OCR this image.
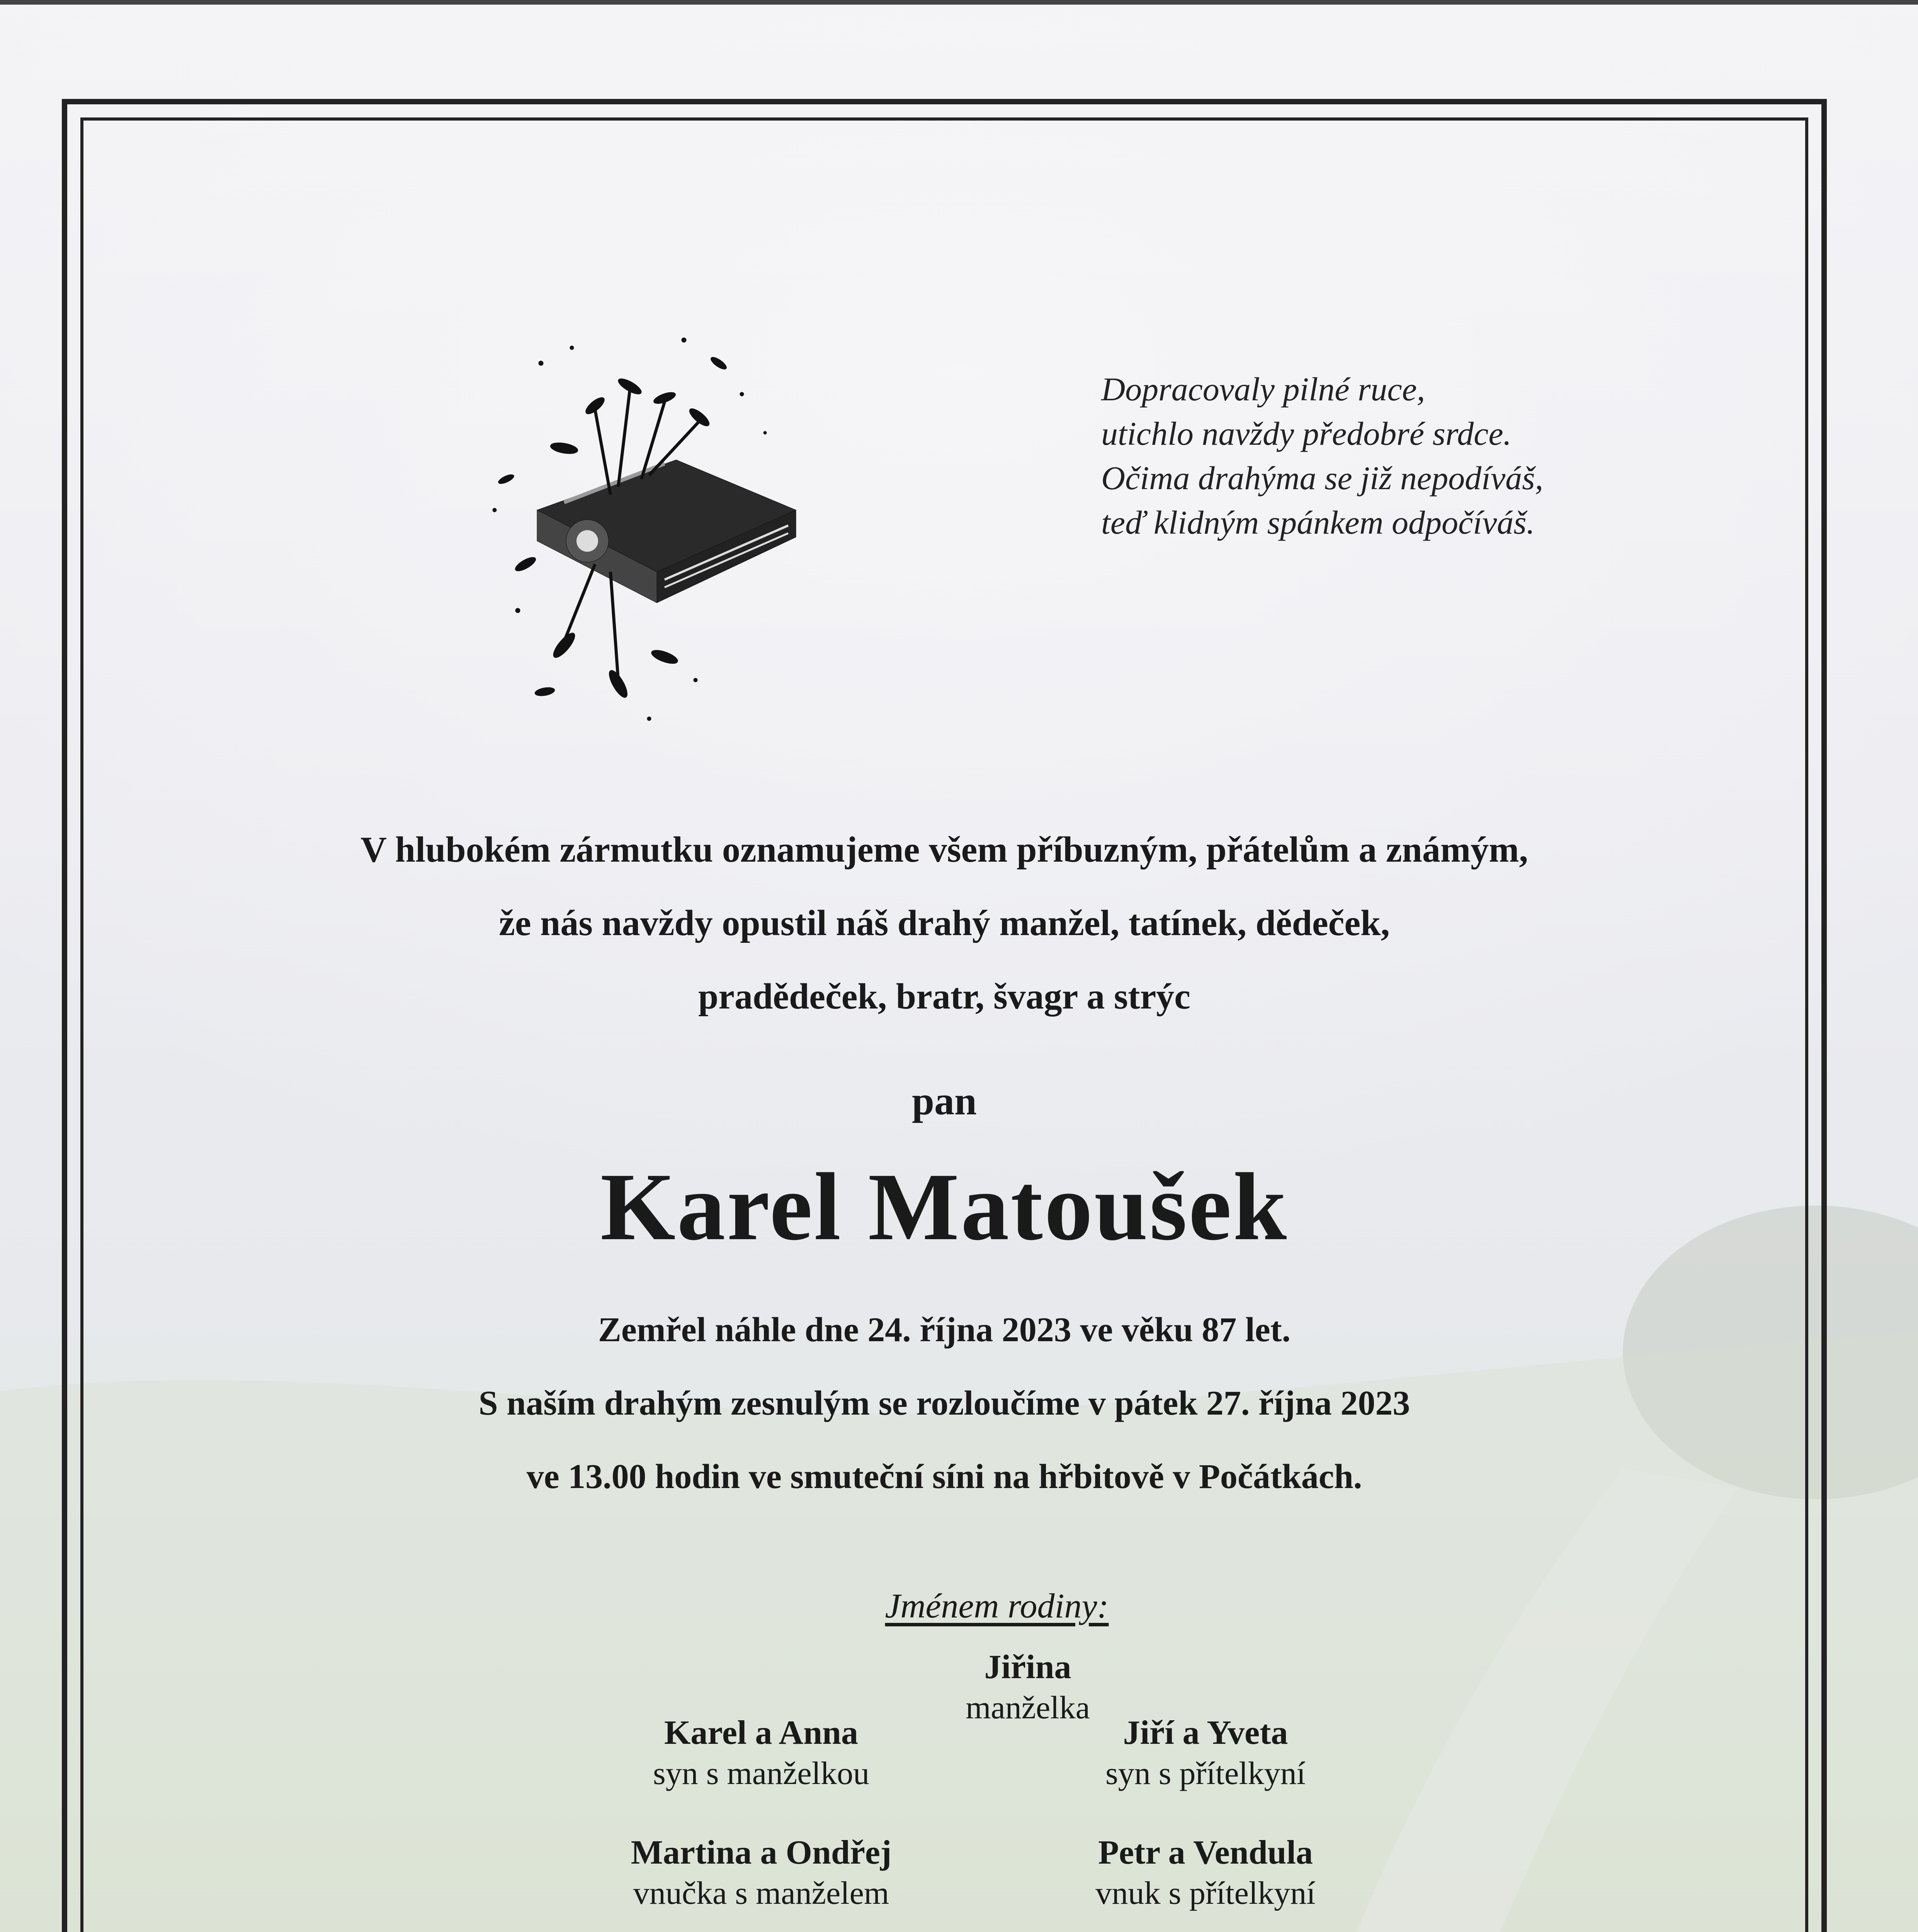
Dopracovaly pilné ruce,
utichlo navždy předobré srdce.
Očima drahýma se již nepodíváš,
teď klidným spánkem odpočíváš.
V hlubokém zármutku oznamujeme všem příbuzným, přátelům a známým,
že nás navždy opustil náš drahý manžel, tatínek, dědeček,
pradědeček, bratr, švagr a strýc
pan
Karel Matoušek
Zemřel náhle dne 24. října 2023 ve věku 87 let.
S naším drahým zesnulým se rozloučíme v pátek 27. října 2023
ve 13.00 hodin ve smuteční síni na hřbitově v Počátkách.
Jménem rodiny:
Jiřina
manželka
Karel a Anna
syn s manželkou
Jiří a Yveta
syn s přítelkyní
Martina a Ondřej
vnučka s manželem
Petr a Vendula
vnuk s přítelkyní
